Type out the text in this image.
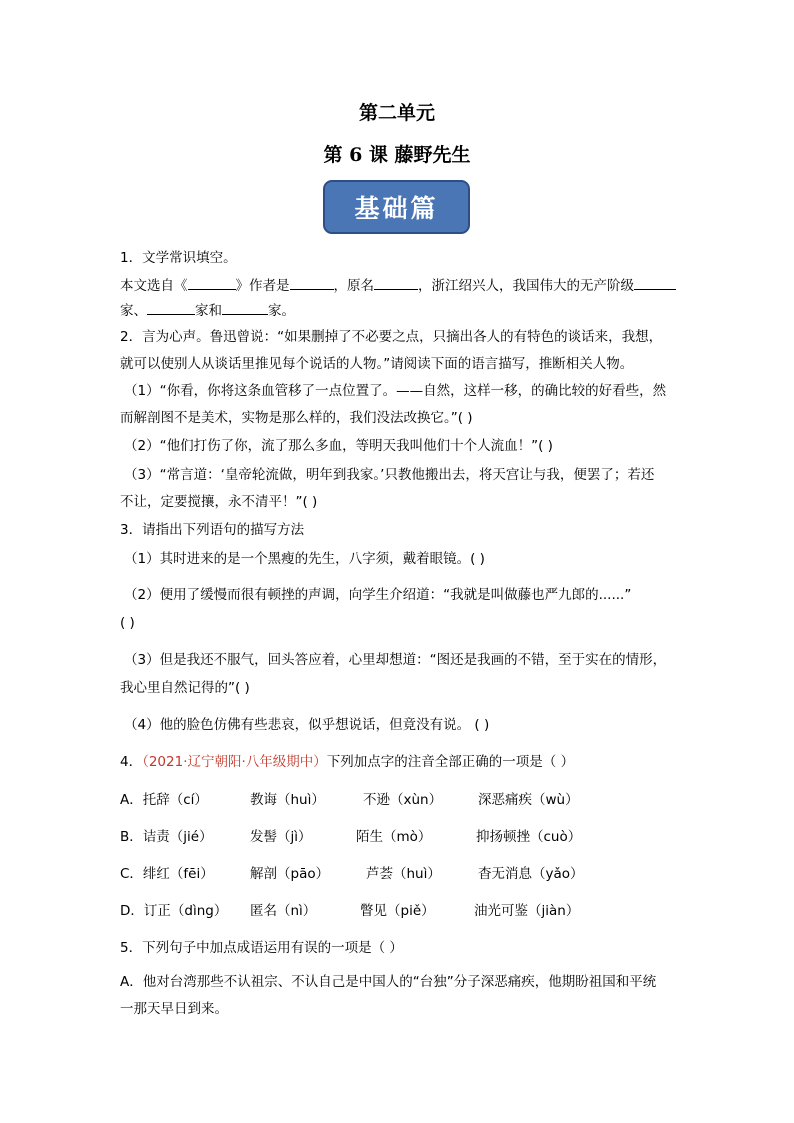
第二单元
第 6 课 藤野先生
基础篇
1．文学常识填空。
本文选自《	》作者是	，原名	，浙江绍兴人，我国伟大的无产阶级
家、	家和	家。
2．言为心声。鲁迅曾说：“如果删掉了不必要之点，只摘出各人的有特色的谈话来，我想，
就可以使别人从谈话里推见每个说话的人物。”请阅读下面的语言描写，推断相关人物。
（1）“你看，你将这条血管移了一点位置了。——自然，这样一移，的确比较的好看些，然
而解剖图不是美术，实物是那么样的，我们没法改换它。”( )
（2）“他们打伤了你，流了那么多血，等明天我叫他们十个人流血！”( )
（3）“常言道：‘皇帝轮流做，明年到我家。’只教他搬出去，将天宫让与我，便罢了；若还
不让，定要搅攘，永不清平！”( )
3．请指出下列语句的描写方法
（1）其时进来的是一个黑瘦的先生，八字须，戴着眼镜。( )
（2）便用了缓慢而很有顿挫的声调，向学生介绍道：“我就是叫做藤也严九郎的......”
( )
（3）但是我还不服气，回头答应着，心里却想道：“图还是我画的不错，至于实在的情形，
我心里自然记得的”( )
（4）他的脸色仿佛有些悲哀，似乎想说话，但竟没有说。 ( )
4．（2021·辽宁朝阳·八年级期中）下列加点字的注音全部正确的一项是（ ）
A．托辞（cí）	教诲（huì）	不逊（xùn）	深恶痛疾（wù）
B．诘责（jié）	发髻（jì）	陌生（mò）	抑扬顿挫（cuò）
C．绯红（fēi）	解剖（pāo）	芦荟（huì）	杳无消息（yǎo）
D．订正（dìng） 匿名（nì）	瞥见（piě）	油光可鉴（jiàn）
5．下列句子中加点成语运用有误的一项是（ ）
A．他对台湾那些不认祖宗、不认自己是中国人的“台独”分子深恶痛疾，他期盼祖国和平统
一那天早日到来。
